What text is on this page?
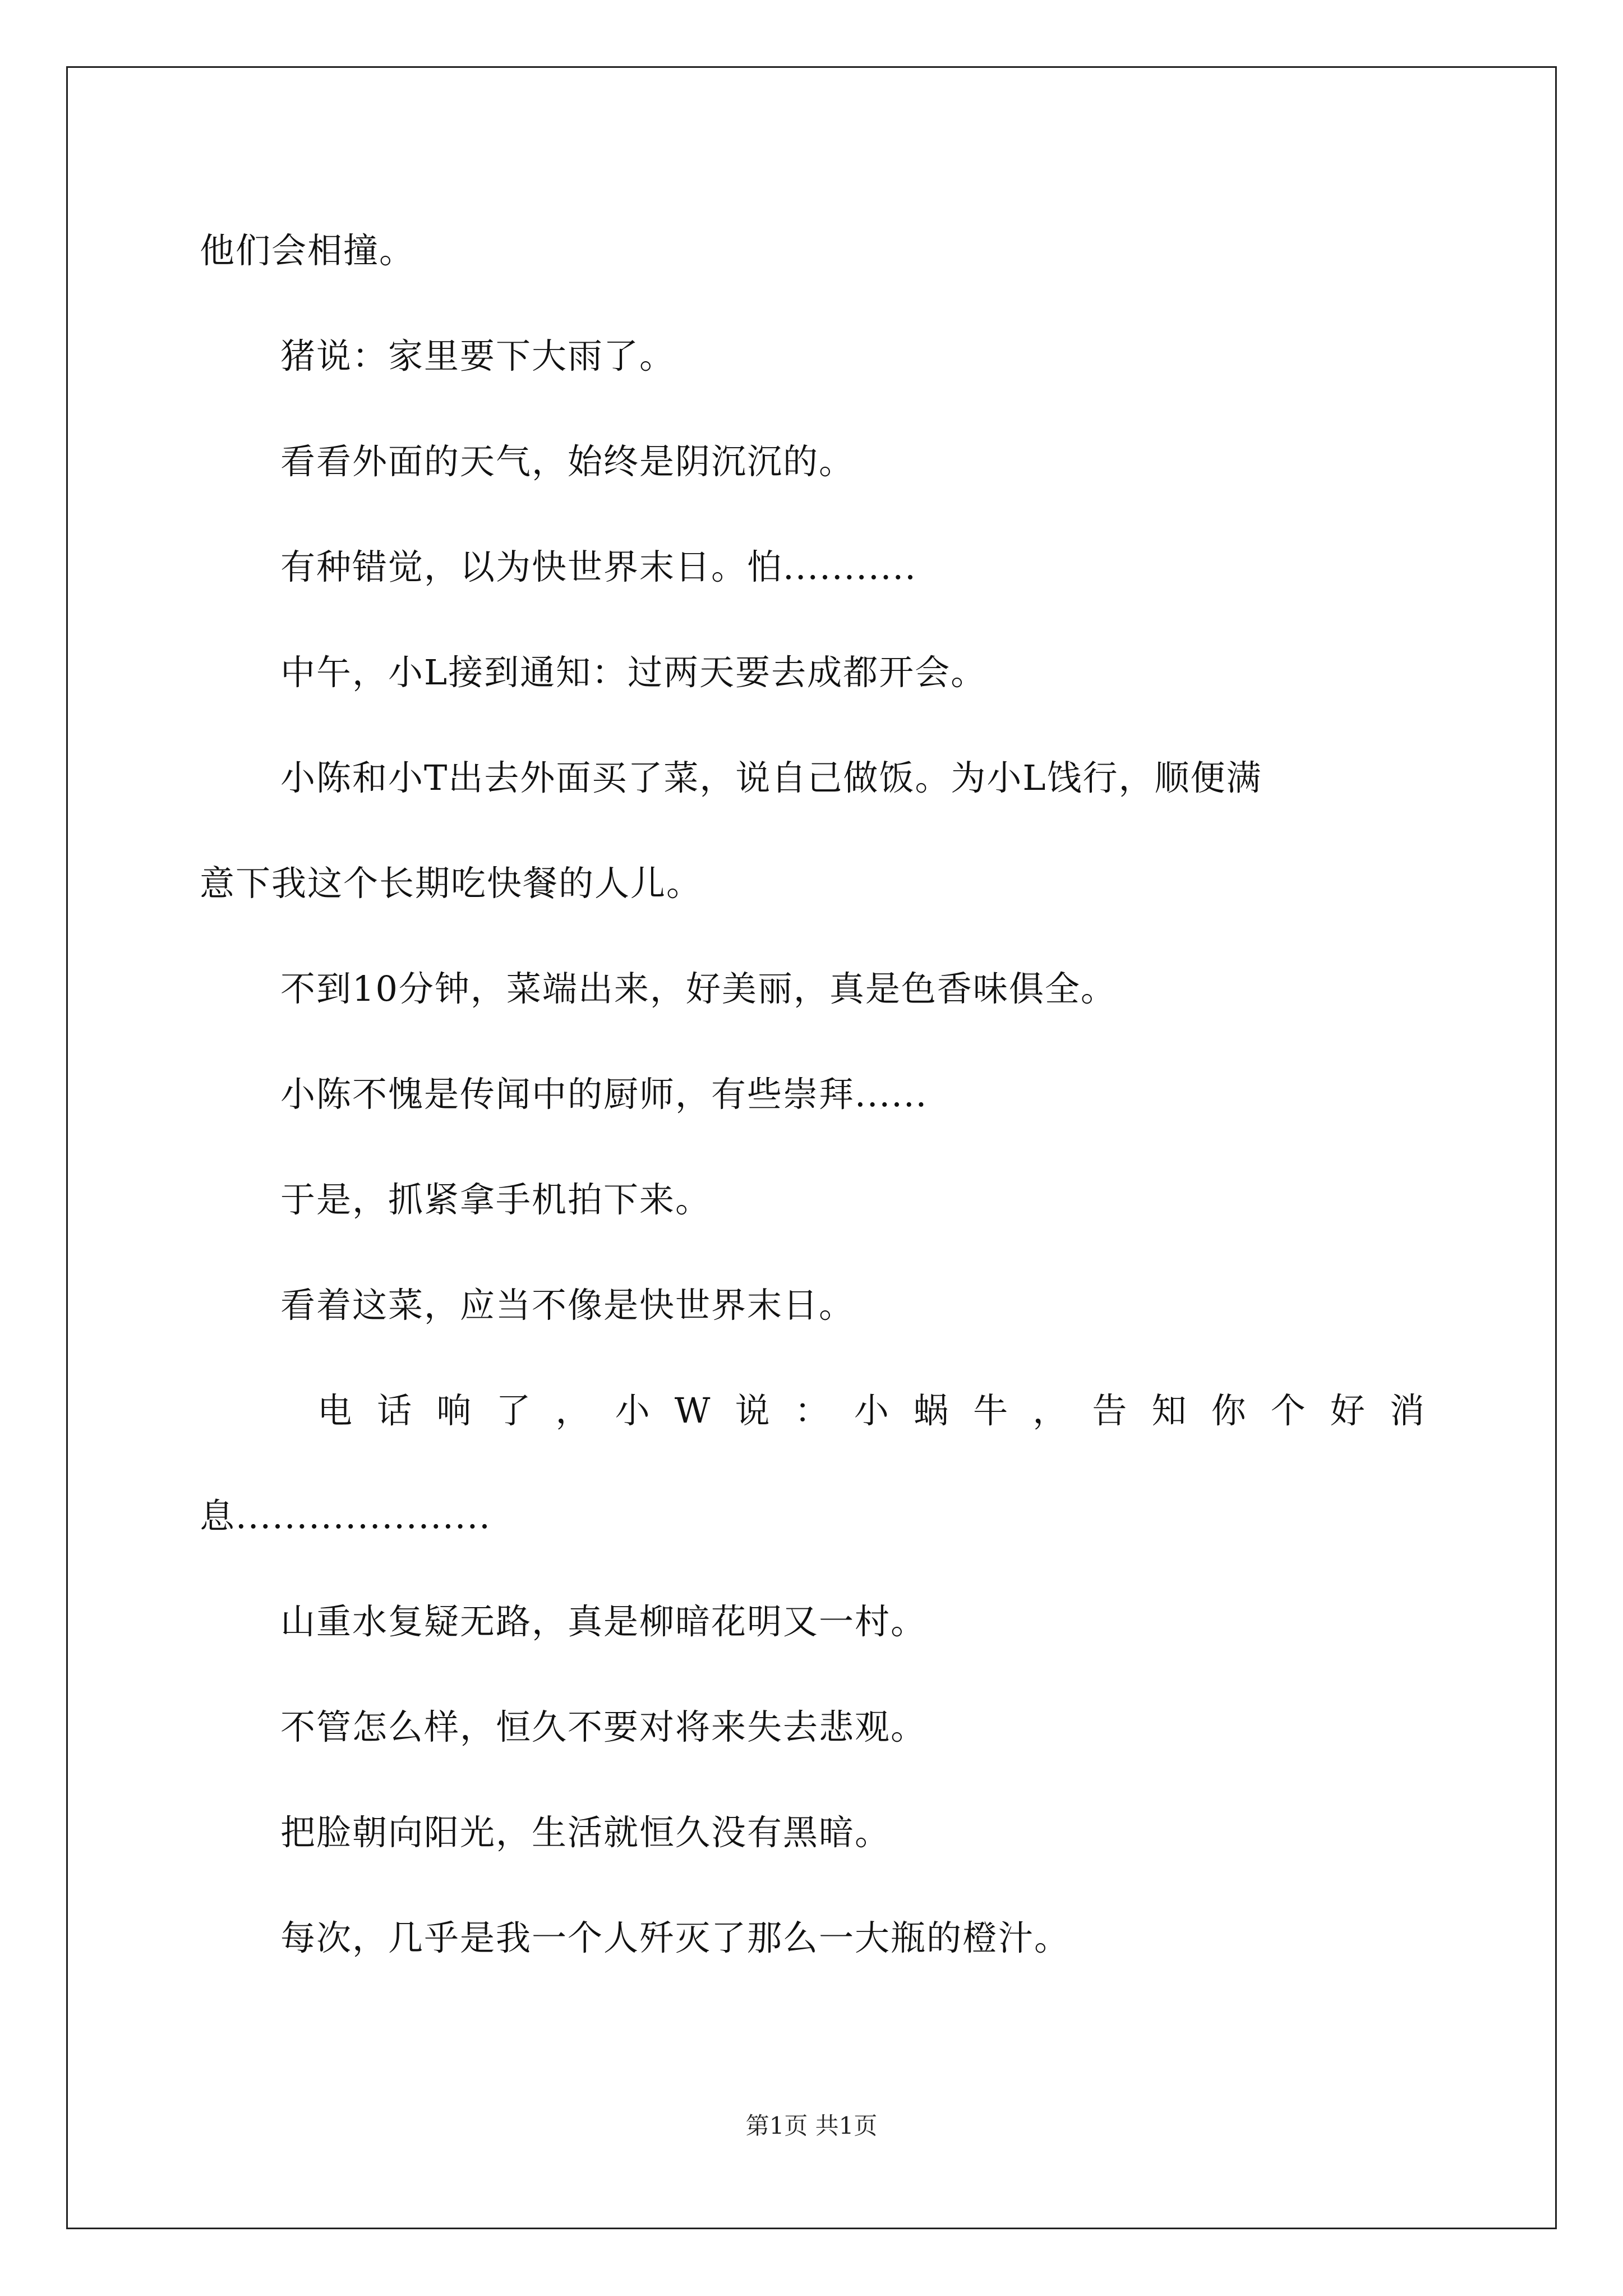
他们会相撞。
猪说：家里要下大雨了。
看看外面的天气，始终是阴沉沉的。
有种错觉，以为快世界末日。怕...........
中午，小L接到通知：过两天要去成都开会。
小陈和小T出去外面买了菜，说自己做饭。为小L饯行，顺便满
意下我这个长期吃快餐的人儿。
不到10分钟，菜端出来，好美丽，真是色香味俱全。
小陈不愧是传闻中的厨师，有些崇拜......
于是，抓紧拿手机拍下来。
看着这菜，应当不像是快世界末日。
电 话 响 了 ， 小 W 说 ： 小 蜗 牛 ， 告 知 你 个 好 消
息.....................
山重水复疑无路，真是柳暗花明又一村。
不管怎么样，恒久不要对将来失去悲观。
把脸朝向阳光，生活就恒久没有黑暗。
每次，几乎是我一个人歼灭了那么一大瓶的橙汁。
第1页 共1页
